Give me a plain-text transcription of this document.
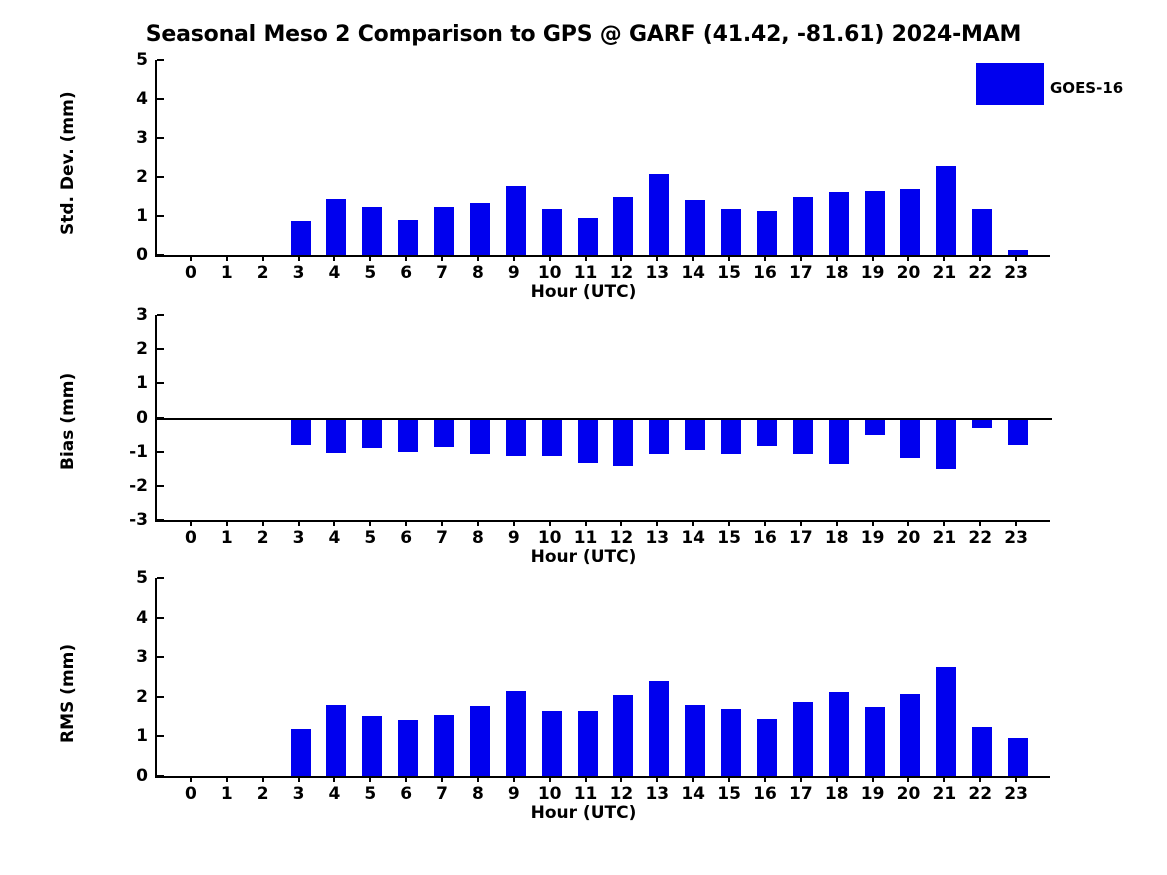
Seasonal Meso 2 Comparison to GPS @ GARF (41.42, -81.61) 2024-MAM
0
1
2
3
4
5
0 1 2 3 4 5 6 7 8 9 10 11 12 13 14 15 16 17 18 19 20 21 22 23
Hour (UTC)
Std. Dev. (mm)
GOES-16
-3
-2
-1
0
1
2
3
0 1 2 3 4 5 6 7 8 9 10 11 12 13 14 15 16 17 18 19 20 21 22 23
Hour (UTC)
Bias (mm)
0
1
2
3
4
5
0 1 2 3 4 5 6 7 8 9 10 11 12 13 14 15 16 17 18 19 20 21 22 23
Hour (UTC)
RMS (mm)
